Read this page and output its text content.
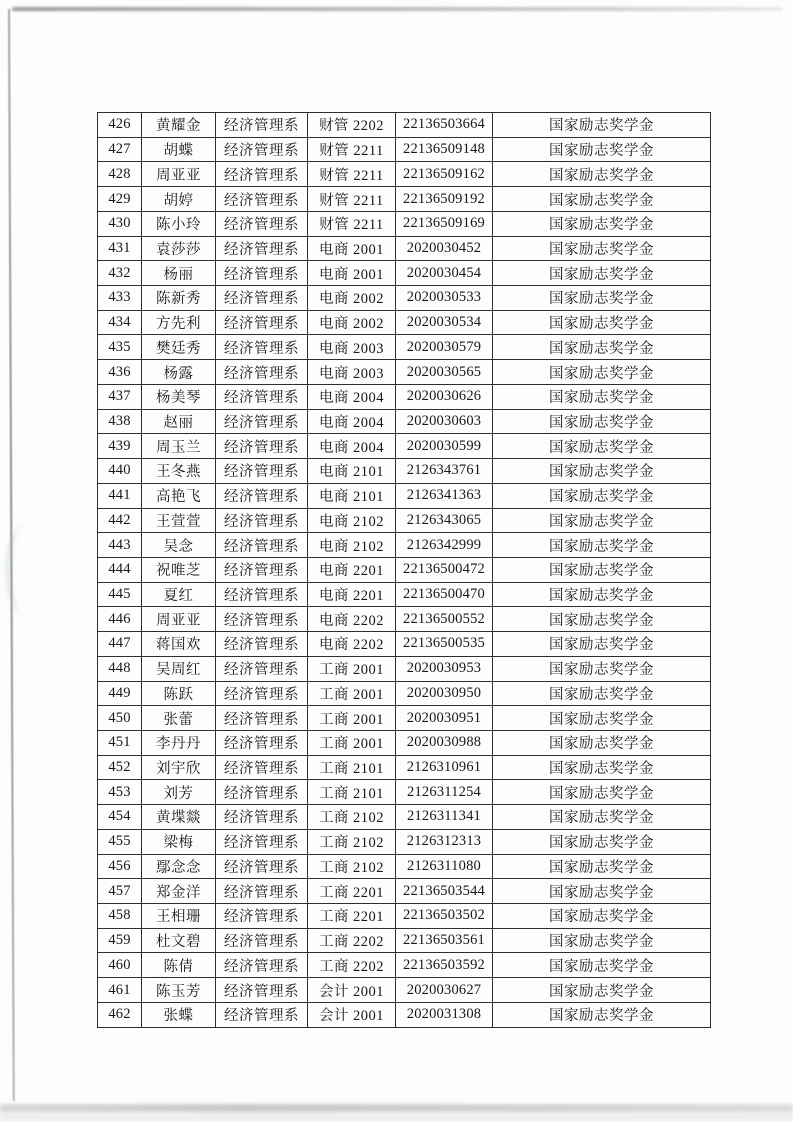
426	黄耀金	经济管理系	财管 2202	22136503664	国家励志奖学金
427	胡蝶	经济管理系	财管 2211	22136509148	国家励志奖学金
428	周亚亚	经济管理系	财管 2211	22136509162	国家励志奖学金
429	胡婷	经济管理系	财管 2211	22136509192	国家励志奖学金
430	陈小玲	经济管理系	财管 2211	22136509169	国家励志奖学金
431	袁莎莎	经济管理系	电商 2001	2020030452	国家励志奖学金
432	杨丽	经济管理系	电商 2001	2020030454	国家励志奖学金
433	陈新秀	经济管理系	电商 2002	2020030533	国家励志奖学金
434	方先利	经济管理系	电商 2002	2020030534	国家励志奖学金
435	樊廷秀	经济管理系	电商 2003	2020030579	国家励志奖学金
436	杨露	经济管理系	电商 2003	2020030565	国家励志奖学金
437	杨美琴	经济管理系	电商 2004	2020030626	国家励志奖学金
438	赵丽	经济管理系	电商 2004	2020030603	国家励志奖学金
439	周玉兰	经济管理系	电商 2004	2020030599	国家励志奖学金
440	王冬燕	经济管理系	电商 2101	2126343761	国家励志奖学金
441	高艳飞	经济管理系	电商 2101	2126341363	国家励志奖学金
442	王萱萱	经济管理系	电商 2102	2126343065	国家励志奖学金
443	吴念	经济管理系	电商 2102	2126342999	国家励志奖学金
444	祝唯芝	经济管理系	电商 2201	22136500472	国家励志奖学金
445	夏红	经济管理系	电商 2201	22136500470	国家励志奖学金
446	周亚亚	经济管理系	电商 2202	22136500552	国家励志奖学金
447	蒋国欢	经济管理系	电商 2202	22136500535	国家励志奖学金
448	吴周红	经济管理系	工商 2001	2020030953	国家励志奖学金
449	陈跃	经济管理系	工商 2001	2020030950	国家励志奖学金
450	张蕾	经济管理系	工商 2001	2020030951	国家励志奖学金
451	李丹丹	经济管理系	工商 2001	2020030988	国家励志奖学金
452	刘宇欣	经济管理系	工商 2101	2126310961	国家励志奖学金
453	刘芳	经济管理系	工商 2101	2126311254	国家励志奖学金
454	黄堞燚	经济管理系	工商 2102	2126311341	国家励志奖学金
455	梁梅	经济管理系	工商 2102	2126312313	国家励志奖学金
456	鄢念念	经济管理系	工商 2102	2126311080	国家励志奖学金
457	郑金洋	经济管理系	工商 2201	22136503544	国家励志奖学金
458	王相珊	经济管理系	工商 2201	22136503502	国家励志奖学金
459	杜文碧	经济管理系	工商 2202	22136503561	国家励志奖学金
460	陈倩	经济管理系	工商 2202	22136503592	国家励志奖学金
461	陈玉芳	经济管理系	会计 2001	2020030627	国家励志奖学金
462	张蝶	经济管理系	会计 2001	2020031308	国家励志奖学金
